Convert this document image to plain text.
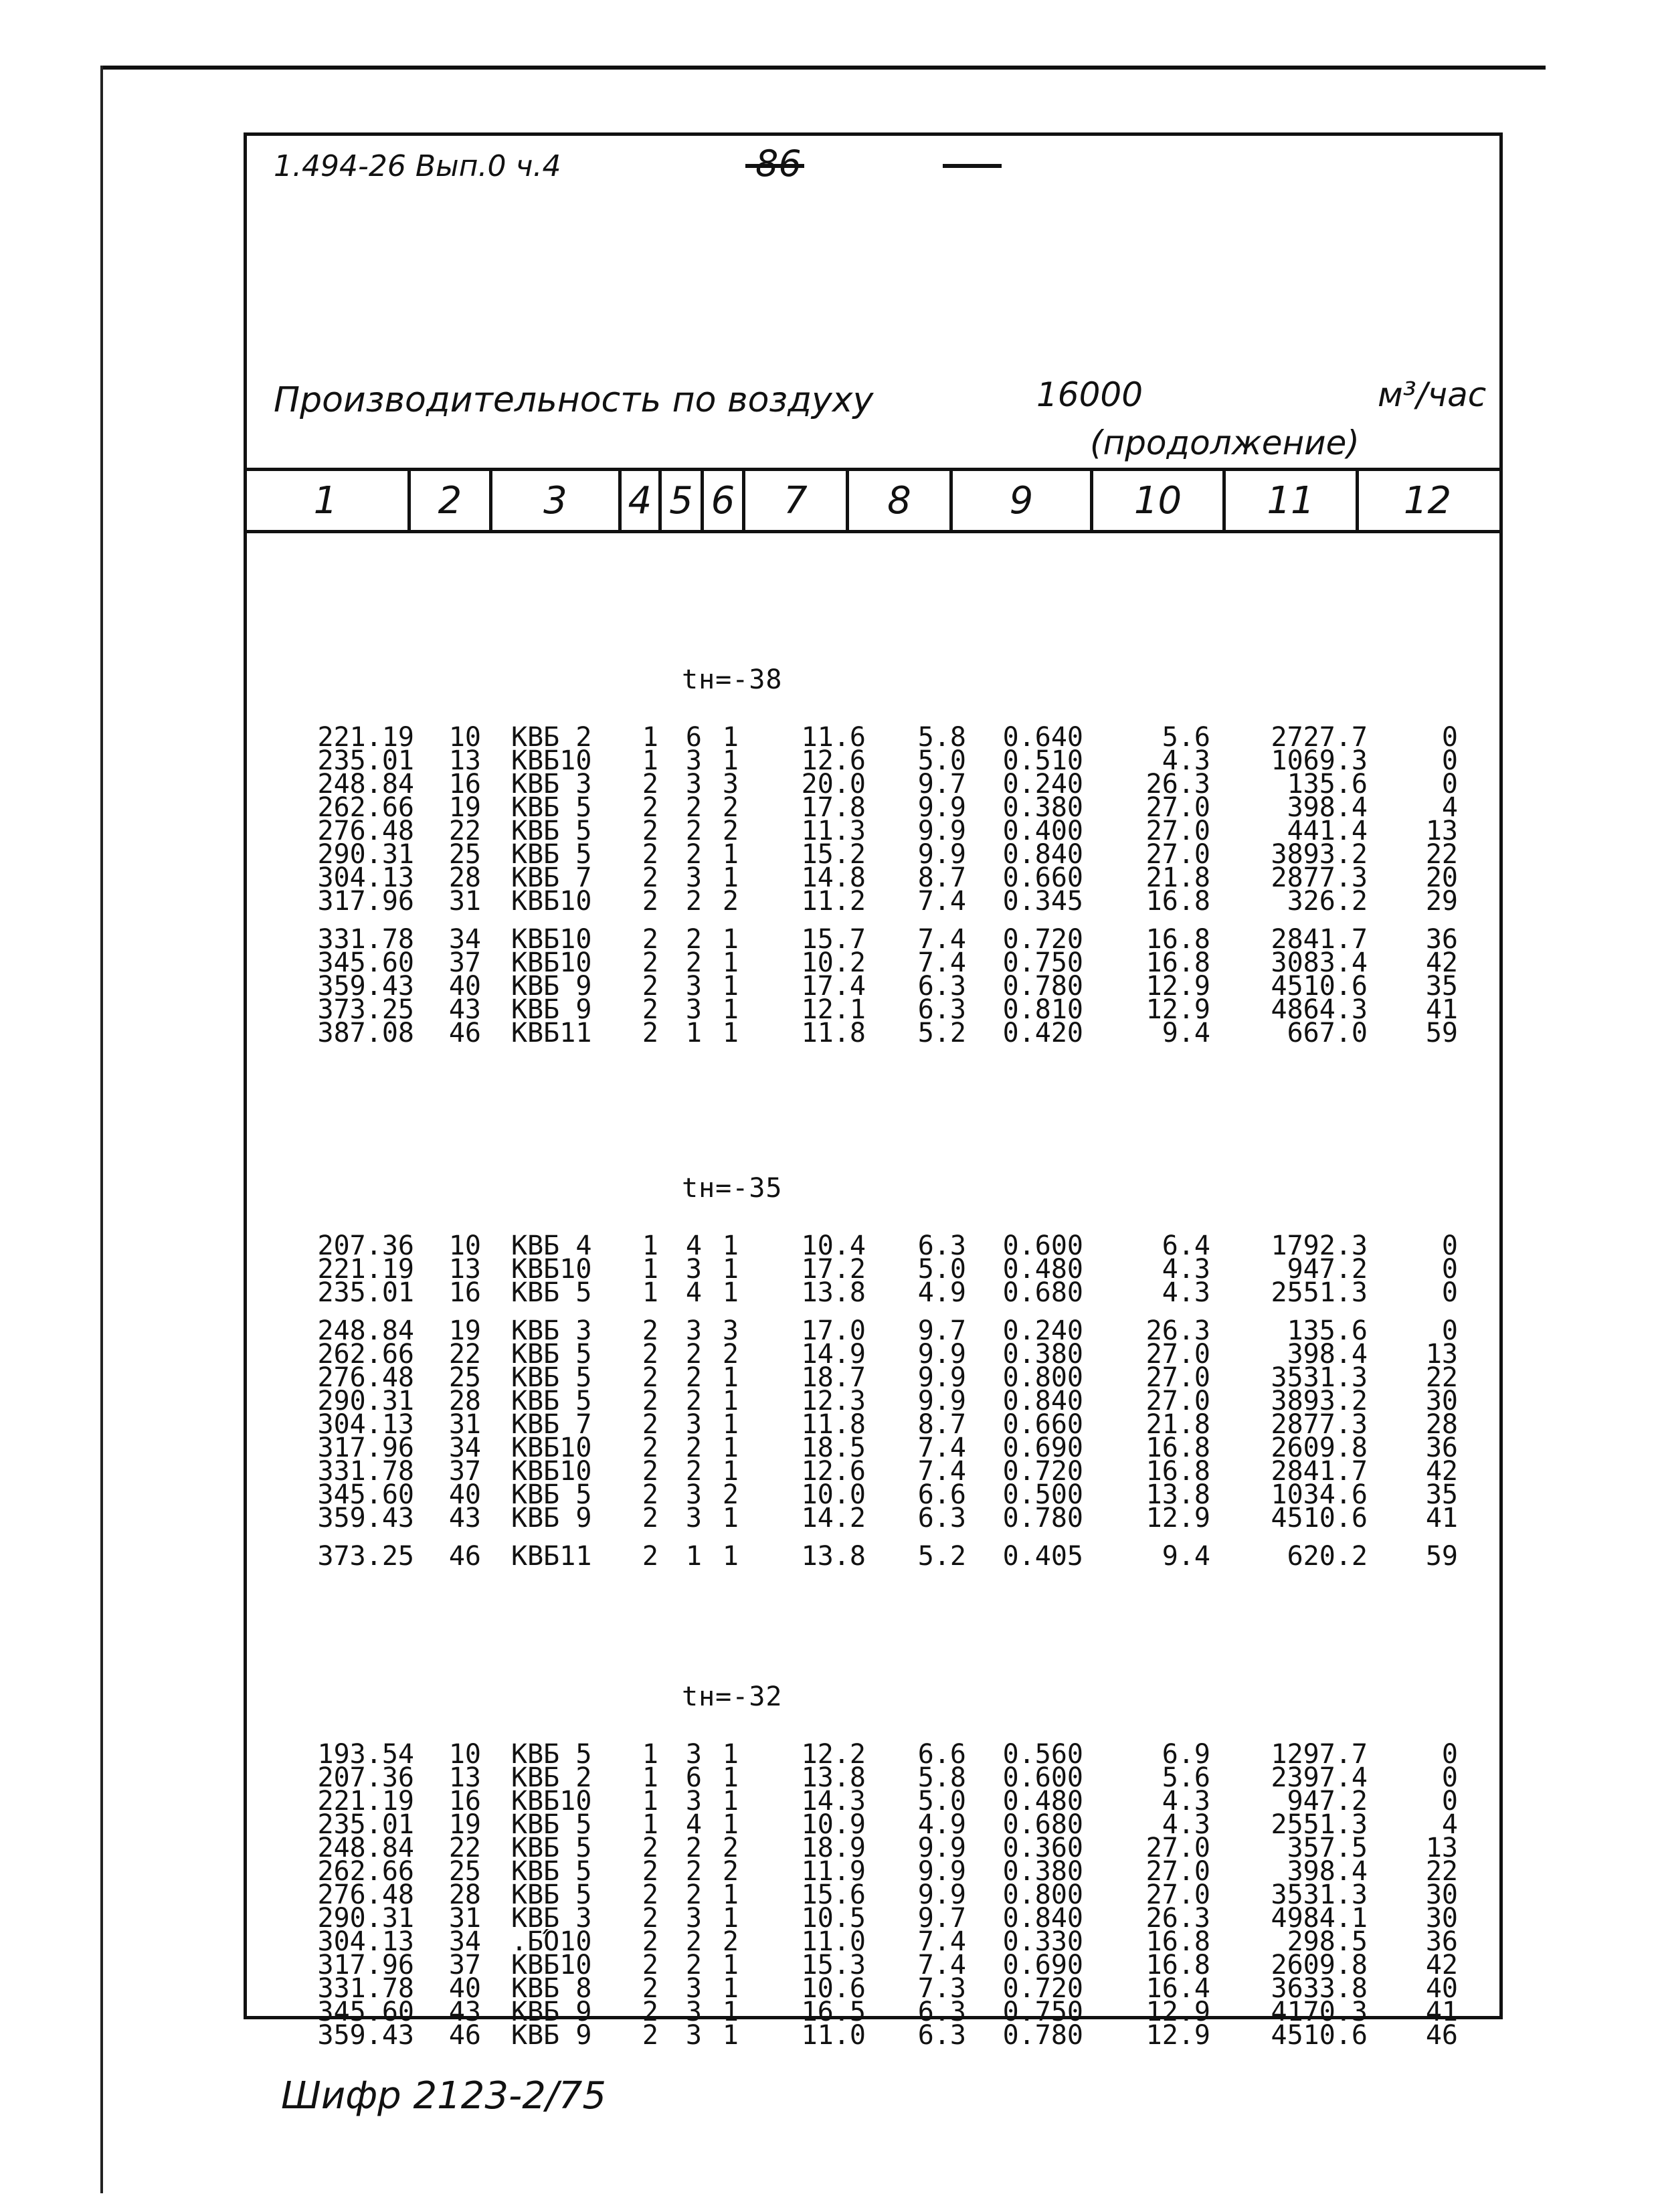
1.494-26 Вып.0 ч.4	86
Производительность по воздуху	16000	м³/час
(продолжение)
1	2	3	4 5 6	7	8	9	10	11	12
tн=-38
221.19 10 КВБ 2	1 6 1	11.6	5.8 0.640	5.6	2727.7	0
235.01 13 КВБ10	1 3 1	12.6	5.0 0.510	4.3	1069.3	0
248.84 16 КВБ 3	2 3 3	20.0	9.7 0.240	26.3	135.6	0
262.66 19 КВБ 5	2 2 2	17.8	9.9 0.380	27.0	398.4	4
276.48 22 КВБ 5	2 2 2	11.3	9.9 0.400	27.0	441.4	13
290.31 25 КВБ 5	2 2 1	15.2	9.9 0.840	27.0	3893.2	22
304.13 28 КВБ 7	2 3 1	14.8	8.7 0.660	21.8	2877.3	20
317.96 31 КВБ10	2 2 2	11.2	7.4 0.345	16.8	326.2	29
331.78 34 КВБ10	2 2 1	15.7	7.4 0.720	16.8	2841.7	36
345.60 37 КВБ10	2 2 1	10.2	7.4 0.750	16.8	3083.4	42
359.43 40 КВБ 9	2 3 1	17.4	6.3 0.780	12.9	4510.6	35
373.25 43 КВБ 9	2 3 1	12.1	6.3 0.810	12.9	4864.3	41
387.08 46 КВБ11	2 1 1	11.8	5.2 0.420	9.4	667.0	59
tн=-35
207.36 10 КВБ 4	1 4 1	10.4	6.3 0.600	6.4	1792.3	0
221.19 13 КВБ10	1 3 1	17.2	5.0 0.480	4.3	947.2	0
235.01 16 КВБ 5	1 4 1	13.8	4.9 0.680	4.3	2551.3	0
248.84 19 КВБ 3	2 3 3	17.0	9.7 0.240	26.3	135.6	0
262.66 22 КВБ 5	2 2 2	14.9	9.9 0.380	27.0	398.4	13
276.48 25 КВБ 5	2 2 1	18.7	9.9 0.800	27.0	3531.3	22
290.31 28 КВБ 5	2 2 1	12.3	9.9 0.840	27.0	3893.2	30
304.13 31 КВБ 7	2 3 1	11.8	8.7 0.660	21.8	2877.3	28
317.96 34 КВБ10	2 2 1	18.5	7.4 0.690	16.8	2609.8	36
331.78 37 КВБ10	2 2 1	12.6	7.4 0.720	16.8	2841.7	42
345.60 40 КВБ 5	2 3 2	10.0	6.6 0.500	13.8	1034.6	35
359.43 43 КВБ 9	2 3 1	14.2	6.3 0.780	12.9	4510.6	41
373.25 46 КВБ11	2 1 1	13.8	5.2 0.405	9.4	620.2	59
tн=-32
193.54 10 КВБ 5	1 3 1	12.2	6.6 0.560	6.9	1297.7	0
207.36 13 КВБ 2	1 6 1	13.8	5.8 0.600	5.6	2397.4	0
221.19 16 КВБ10	1 3 1	14.3	5.0 0.480	4.3	947.2	0
235.01 19 КВБ 5	1 4 1	10.9	4.9 0.680	4.3	2551.3	4
248.84 22 КВБ 5	2 2 2	18.9	9.9 0.360	27.0	357.5	13
262.66 25 КВБ 5	2 2 2	11.9	9.9 0.380	27.0	398.4	22
276.48 28 КВБ 5	2 2 1	15.6	9.9 0.800	27.0	3531.3	30
290.31 31 КВБ 3	2 3 1	10.5	9.7 0.840	26.3	4984.1	30
304.13 34 .БΌ10	2 2 2	11.0	7.4 0.330	16.8	298.5	36
317.96 37 КВБ10	2 2 1	15.3	7.4 0.690	16.8	2609.8	42
331.78 40 КВБ 8	2 3 1	10.6	7.3 0.720	16.4	3633.8	40
345.60 43 КВБ 9	2 3 1	16.5	6.3 0.750	12.9	4170.3	41
359.43 46 КВБ 9	2 3 1	11.0	6.3 0.780	12.9	4510.6	46
Шифр 2123-2/75
